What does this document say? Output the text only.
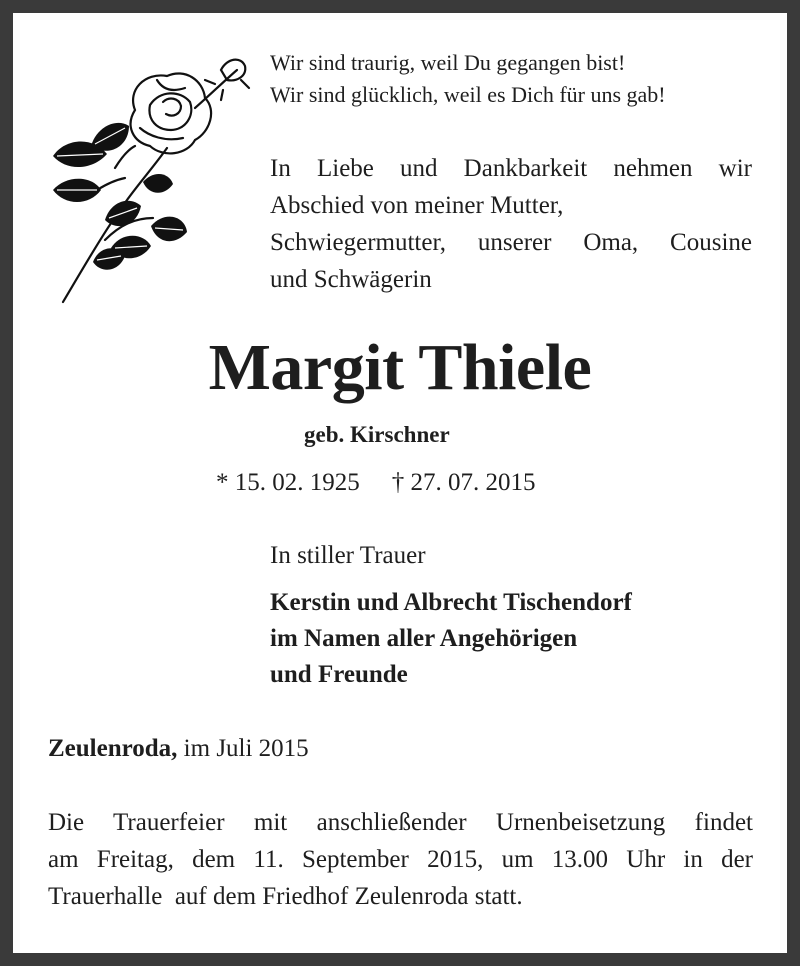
Wir sind traurig, weil Du gegangen bist!
Wir sind glücklich, weil es Dich für uns gab!
In Liebe und Dankbarkeit nehmen wir
Abschied von meiner Mutter,
Schwiegermutter, unserer Oma, Cousine
und Schwägerin
Margit Thiele
geb. Kirschner
* 15. 02. 1925 † 27. 07. 2015
In stiller Trauer
Kerstin und Albrecht Tischendorf
im Namen aller Angehörigen
und Freunde
Zeulenroda, im Juli 2015
Die Trauerfeier mit anschließender Urnenbeisetzung findet
am Freitag, dem 11. September 2015, um 13.00 Uhr in der
Trauerhalle  auf dem Friedhof Zeulenroda statt.
